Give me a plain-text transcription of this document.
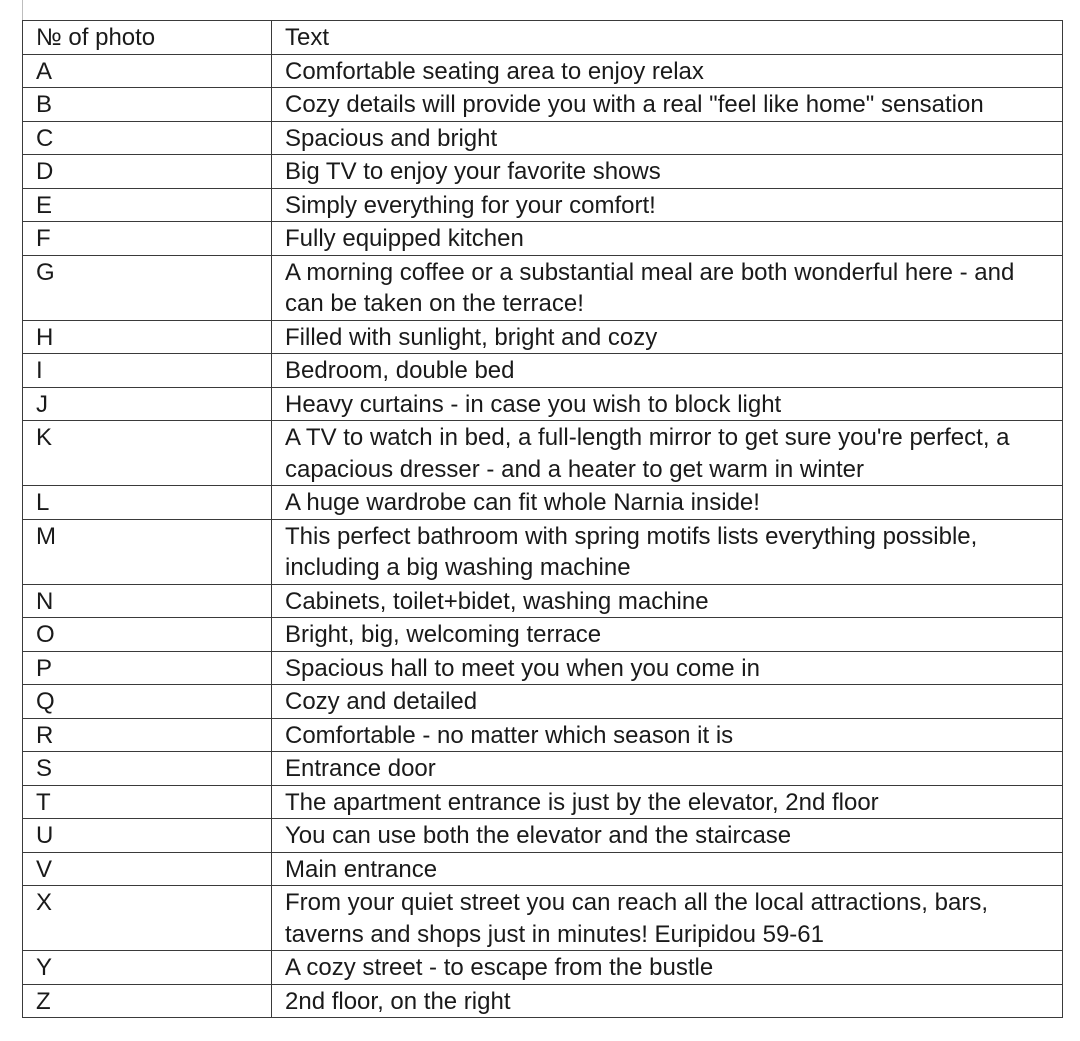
№ of photo	Text
A	Comfortable seating area to enjoy relax
B	Cozy details will provide you with a real "feel like home" sensation
C	Spacious and bright
D	Big TV to enjoy your favorite shows
E	Simply everything for your comfort!
F	Fully equipped kitchen
G	A morning coffee or a substantial meal are both wonderful here - and can be taken on the terrace!
H	Filled with sunlight, bright and cozy
I	Bedroom, double bed
J	Heavy curtains - in case you wish to block light
K	A TV to watch in bed, a full-length mirror to get sure you're perfect, a capacious dresser - and a heater to get warm in winter
L	A huge wardrobe can fit whole Narnia inside!
M	This perfect bathroom with spring motifs lists everything possible, including a big washing machine
N	Cabinets, toilet+bidet, washing machine
O	Bright, big, welcoming terrace
P	Spacious hall to meet you when you come in
Q	Cozy and detailed
R	Comfortable - no matter which season it is
S	Entrance door
T	The apartment entrance is just by the elevator, 2nd floor
U	You can use both the elevator and the staircase
V	Main entrance
X	From your quiet street you can reach all the local attractions, bars, taverns and shops just in minutes! Euripidou 59-61
Y	A cozy street - to escape from the bustle
Z	2nd floor, on the right
